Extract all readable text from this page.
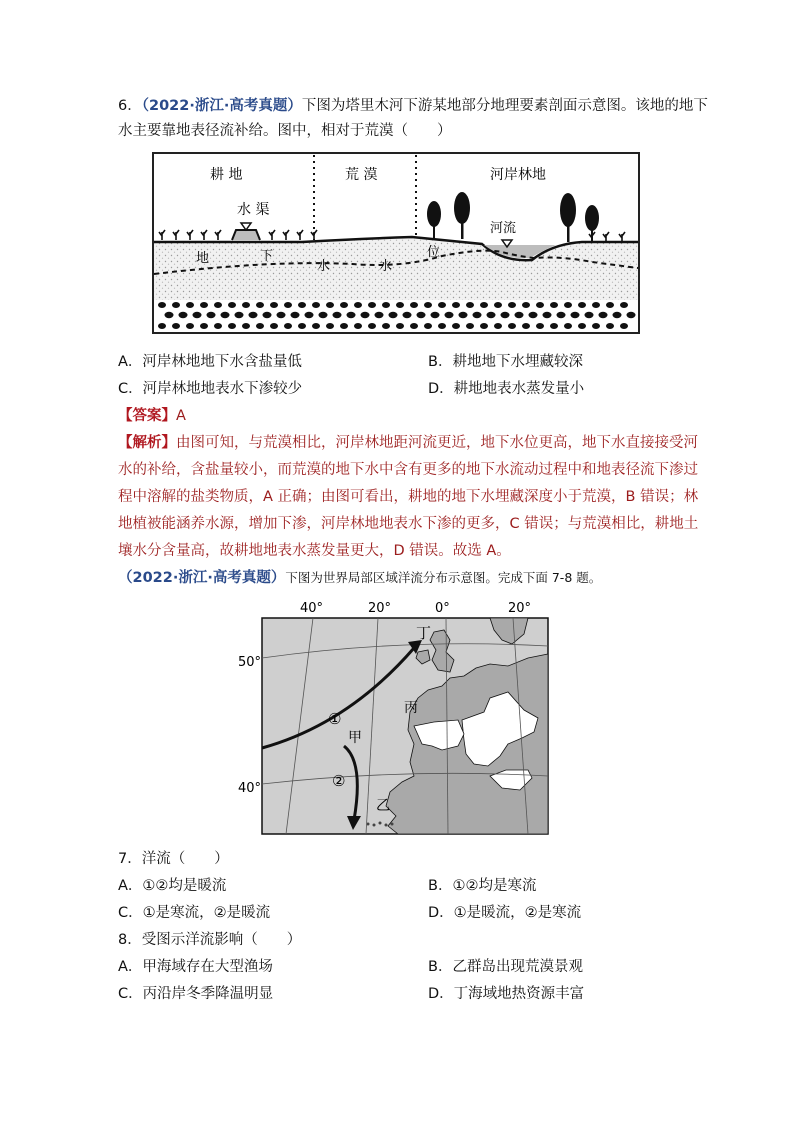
6．（2022·浙江·高考真题）下图为塔里木河下游某地部分地理要素剖面示意图。该地的地下
水主要靠地表径流补给。图中，相对于荒漠（　　）
耕 地	荒 漠	河岸林地
水 渠
河流
地	下
水	水
位
A．河岸林地地下水含盐量低	B．耕地地下水埋藏较深
C．河岸林地地表水下渗较少	D．耕地地表水蒸发量小
【答案】A
【解析】由图可知，与荒漠相比，河岸林地距河流更近，地下水位更高，地下水直接接受河
水的补给，含盐量较小，而荒漠的地下水中含有更多的地下水流动过程中和地表径流下渗过
程中溶解的盐类物质，A 正确；由图可看出，耕地的地下水埋藏深度小于荒漠，B 错误；林
地植被能涵养水源，增加下渗，河岸林地地表水下渗的更多，C 错误；与荒漠相比，耕地土
壤水分含量高，故耕地地表水蒸发量更大，D 错误。故选 A。
（2022·浙江·高考真题）下图为世界局部区域洋流分布示意图。完成下面 7-8 题。
40°	20°	0°	20°
50°
40°
丁
丙
甲
乙
①
②
7．洋流（　　）
A．①②均是暖流	B．①②均是寒流
C．①是寒流，②是暖流	D．①是暖流，②是寒流
8．受图示洋流影响（　　）
A．甲海域存在大型渔场	B．乙群岛出现荒漠景观
C．丙沿岸冬季降温明显	D．丁海域地热资源丰富
